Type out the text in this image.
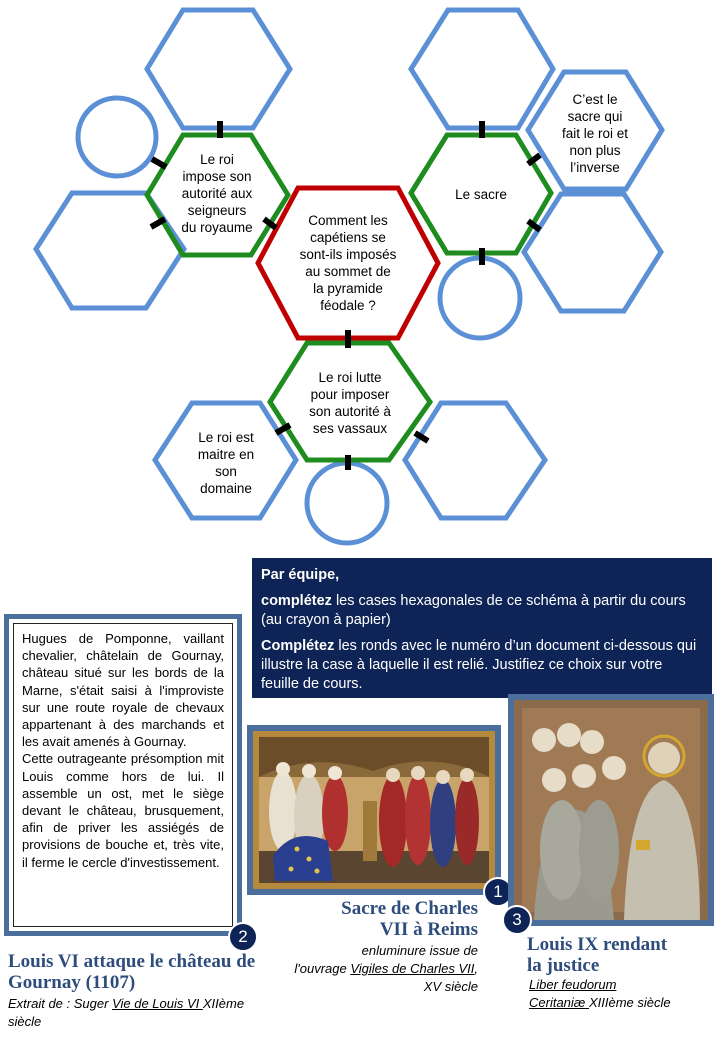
Le roi
impose son
autorité aux
seigneurs
du royaume
Le sacre
C’est le
sacre qui
fait le roi et
non plus
l’inverse
Comment les
capétiens se
sont-ils imposés
au sommet de
la pyramide
féodale ?
Le roi lutte
pour imposer
son autorité à
ses vassaux
Le roi est
maitre en
son
domaine

Par équipe,

complétez les cases hexagonales de ce schéma à partir du cours (au crayon à papier)

Complétez les ronds avec le numéro d’un document ci-dessous qui illustre la case à laquelle il est relié. Justifiez ce choix sur votre feuille de cours.

Hugues de Pomponne, vaillant chevalier, châtelain de Gournay, château situé sur les bords de la Marne, s'était saisi à l'improviste sur une route royale de chevaux appartenant à des marchands et les avait amenés à Gournay.

Cette outrageante présomption mit Louis comme hors de lui. Il assemble un ost, met le siège devant le château, brusquement, afin de priver les assiégés de provisions de bouche et, très vite, il ferme le cercle d'investissement.

2
Louis VI attaque le château de Gournay (1107)
Extrait de : Suger Vie de Louis VI XIIème siècle
1
Sacre de Charles
VII à Reims
enluminure issue de
l'ouvrage Vigiles de Charles VII, XV siècle
3
Louis IX rendant
la justice
Liber feudorum
Ceritaniæ XIIIème siècle
